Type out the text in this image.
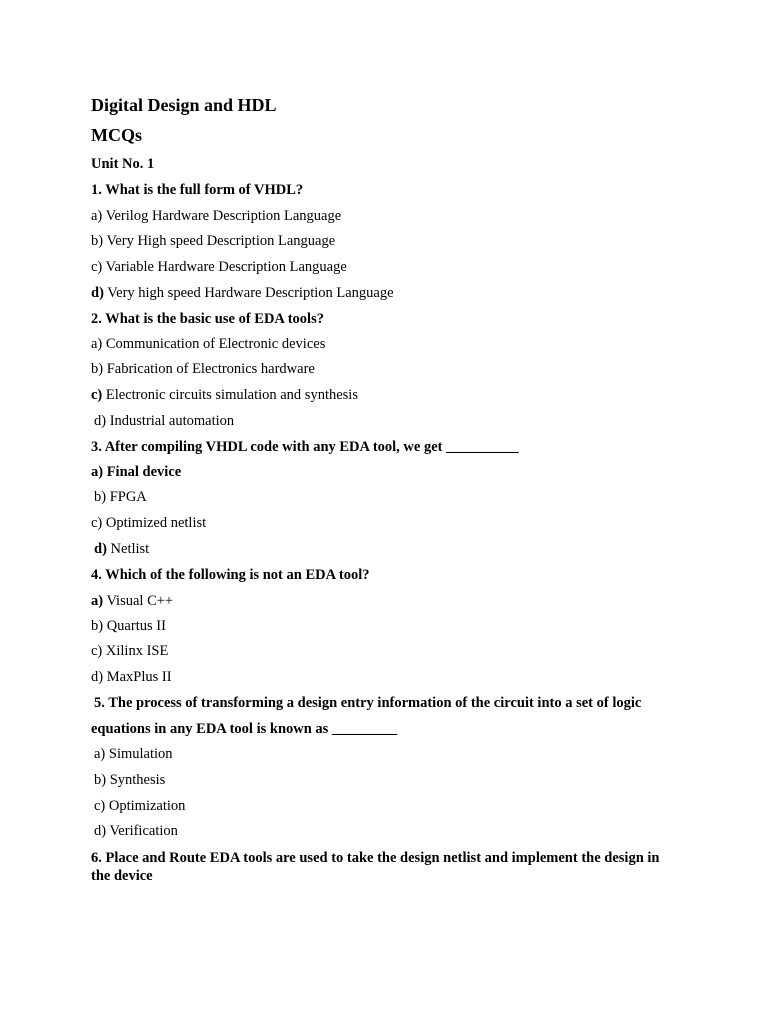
Digital Design and HDL
MCQs
Unit No. 1
1. What is the full form of VHDL?
a) Verilog Hardware Description Language
b) Very High speed Description Language
c) Variable Hardware Description Language
d) Very high speed Hardware Description Language
2. What is the basic use of EDA tools?
a) Communication of Electronic devices
b) Fabrication of Electronics hardware
c) Electronic circuits simulation and synthesis
d) Industrial automation
3. After compiling VHDL code with any EDA tool, we get __________
a) Final device
b) FPGA
c) Optimized netlist
d) Netlist
4. Which of the following is not an EDA tool?
a) Visual C++
b) Quartus II
c) Xilinx ISE
d) MaxPlus II
5. The process of transforming a design entry information of the circuit into a set of logic
equations in any EDA tool is known as _________
a) Simulation
b) Synthesis
c) Optimization
d) Verification
6. Place and Route EDA tools are used to take the design netlist and implement the design in the device
